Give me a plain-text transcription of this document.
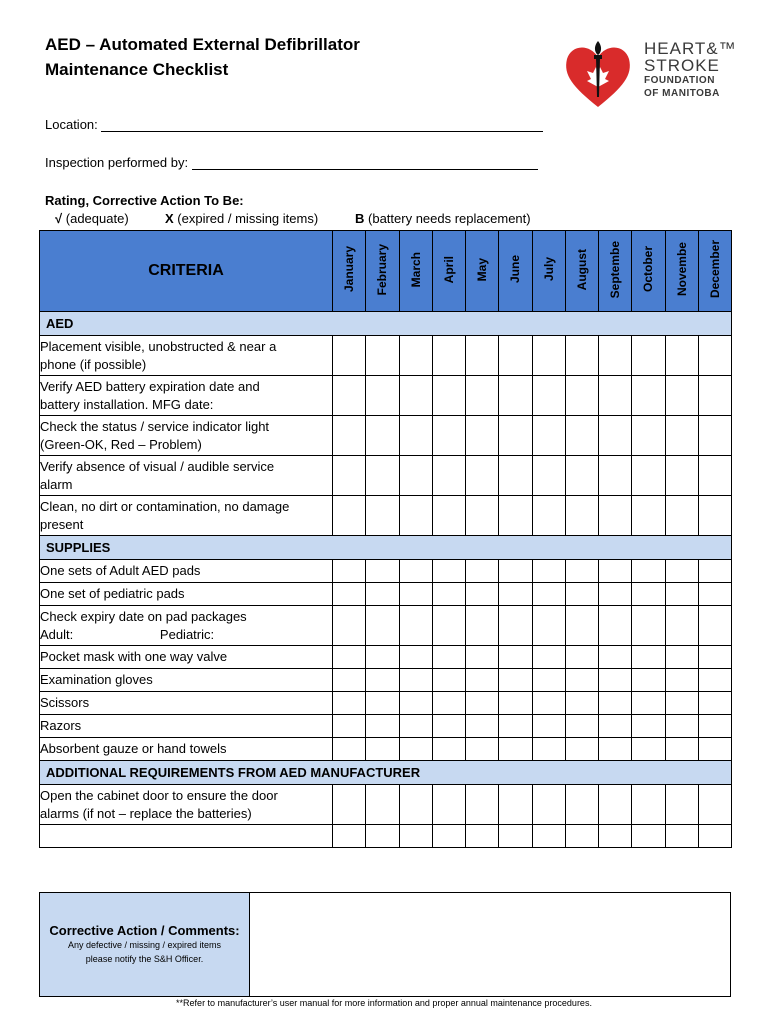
AED – Automated External Defibrillator
Maintenance Checklist
HEART&™
STROKE
FOUNDATION
OF MANITOBA
Location:
Inspection performed by:
Rating, Corrective Action To Be:
√ (adequate)	X (expired / missing items)	B (battery needs replacement)
CRITERIA	January	February	March	April	May	June	July	August	Septembe	October	Novembe	December
AED												

Placement visible, unobstructed & near a
phone (if possible)												

Verify AED battery expiration date and
battery installation. MFG date:												

Check the status / service indicator light
(Green-OK, Red – Problem)												

Verify absence of visual / audible service
alarm												

Clean, no dirt or contamination, no damage
present												

SUPPLIES												

One sets of Adult AED pads												

One set of pediatric pads												

Check expiry date on pad packages
Adult:                        Pediatric:												

Pocket mask with one way valve												

Examination gloves												

Scissors												

Razors												

Absorbent gauze or hand towels												

ADDITIONAL REQUIREMENTS FROM AED MANUFACTURER												

Open the cabinet door to ensure the door
alarms (if not – replace the batteries)												

Corrective Action / Comments:
Any defective / missing / expired items
please notify the S&H Officer.
**Refer to manufacturer’s user manual for more information and proper annual maintenance procedures.
